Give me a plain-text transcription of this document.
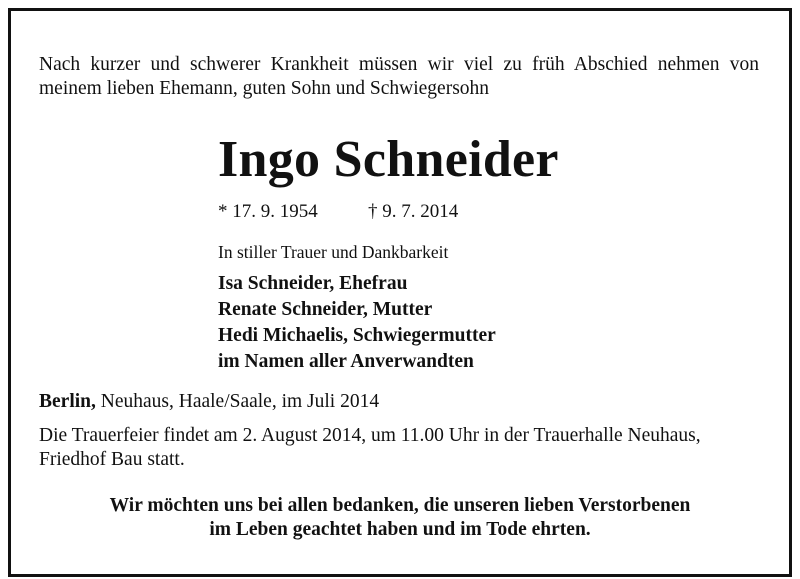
Nach kurzer und schwerer Krankheit müssen wir viel zu früh Abschied nehmen von meinem lieben Ehemann, guten Sohn und Schwiegersohn
Ingo Schneider
* 17. 9. 1954	† 9. 7. 2014
In stiller Trauer und Dankbarkeit
Isa Schneider, Ehefrau
Renate Schneider, Mutter
Hedi Michaelis, Schwiegermutter
im Namen aller Anverwandten
Berlin, Neuhaus, Haale/Saale, im Juli 2014
Die Trauerfeier findet am 2. August 2014, um 11.00 Uhr in der Trauerhalle Neuhaus, Friedhof Bau statt.
Wir möchten uns bei allen bedanken, die unseren lieben Verstorbenen
im Leben geachtet haben und im Tode ehrten.
